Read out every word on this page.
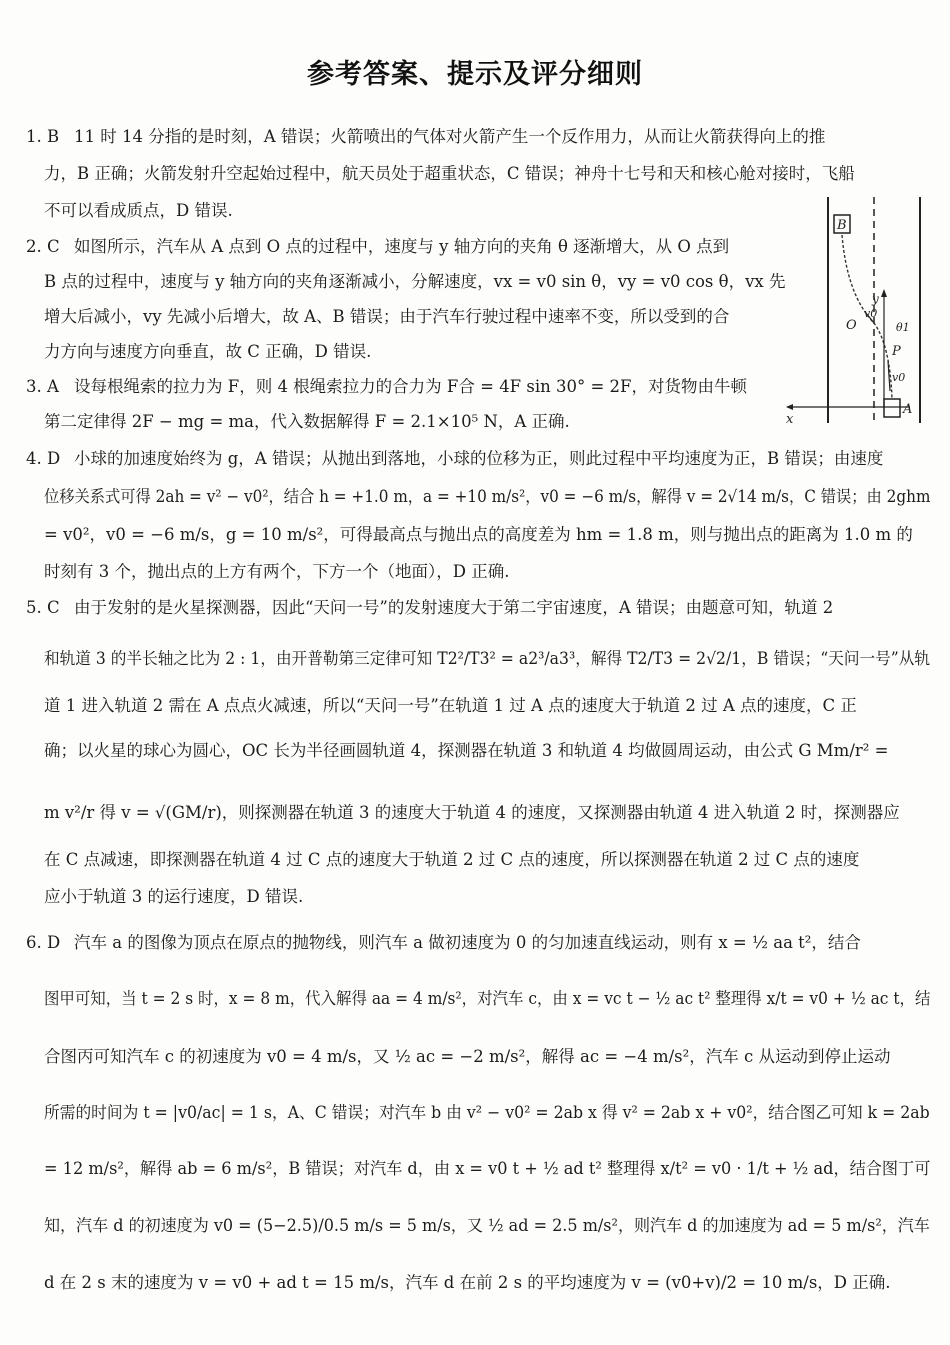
参考答案、提示及评分细则
1. B 11 时 14 分指的是时刻，A 错误；火箭喷出的气体对火箭产生一个反作用力，从而让火箭获得向上的推
力，B 正确；火箭发射升空起始过程中，航天员处于超重状态，C 错误；神舟十七号和天和核心舱对接时，飞船
不可以看成质点，D 错误.
2. C 如图所示，汽车从 A 点到 O 点的过程中，速度与 y 轴方向的夹角 θ 逐渐增大，从 O 点到
B 点的过程中，速度与 y 轴方向的夹角逐渐减小，分解速度，vx = v0 sin θ，vy = v0 cos θ，vx 先
增大后减小，vy 先减小后增大，故 A、B 错误；由于汽车行驶过程中速率不变，所以受到的合
力方向与速度方向垂直，故 C 正确，D 错误.
3. A 设每根绳索的拉力为 F，则 4 根绳索拉力的合力为 F合 = 4F sin 30° = 2F，对货物由牛顿
第二定律得 2F − mg = ma，代入数据解得 F = 2.1×10⁵ N，A 正确.
4. D 小球的加速度始终为 g，A 错误；从抛出到落地，小球的位移为正，则此过程中平均速度为正，B 错误；由速度
位移关系式可得 2ah = v² − v0²，结合 h = +1.0 m，a = +10 m/s²，v0 = −6 m/s，解得 v = 2√14 m/s，C 错误；由 2ghm
= v0²，v0 = −6 m/s，g = 10 m/s²，可得最高点与抛出点的高度差为 hm = 1.8 m，则与抛出点的距离为 1.0 m 的
时刻有 3 个，抛出点的上方有两个，下方一个（地面），D 正确.
5. C 由于发射的是火星探测器，因此“天问一号”的发射速度大于第二宇宙速度，A 错误；由题意可知，轨道 2
和轨道 3 的半长轴之比为 2 : 1，由开普勒第三定律可知 T2²/T3² = a2³/a3³，解得 T2/T3 = 2√2/1，B 错误；“天问一号”从轨
道 1 进入轨道 2 需在 A 点点火减速，所以“天问一号”在轨道 1 过 A 点的速度大于轨道 2 过 A 点的速度，C 正
确；以火星的球心为圆心，OC 长为半径画圆轨道 4，探测器在轨道 3 和轨道 4 均做圆周运动，由公式 G Mm/r² =
m v²/r 得 v = √(GM/r)，则探测器在轨道 3 的速度大于轨道 4 的速度，又探测器由轨道 4 进入轨道 2 时，探测器应
在 C 点减速，即探测器在轨道 4 过 C 点的速度大于轨道 2 过 C 点的速度，所以探测器在轨道 2 过 C 点的速度
应小于轨道 3 的运行速度，D 错误.
6. D 汽车 a 的图像为顶点在原点的抛物线，则汽车 a 做初速度为 0 的匀加速直线运动，则有 x = ½ aa t²，结合
图甲可知，当 t = 2 s 时，x = 8 m，代入解得 aa = 4 m/s²，对汽车 c，由 x = vc t − ½ ac t² 整理得 x/t = v0 + ½ ac t，结
合图丙可知汽车 c 的初速度为 v0 = 4 m/s，又 ½ ac = −2 m/s²，解得 ac = −4 m/s²，汽车 c 从运动到停止运动
所需的时间为 t = |v0/ac| = 1 s，A、C 错误；对汽车 b 由 v² − v0² = 2ab x 得 v² = 2ab x + v0²，结合图乙可知 k = 2ab
= 12 m/s²，解得 ab = 6 m/s²，B 错误；对汽车 d，由 x = v0 t + ½ ad t² 整理得 x/t² = v0 · 1/t + ½ ad，结合图丁可
知，汽车 d 的初速度为 v0 = (5−2.5)/0.5 m/s = 5 m/s，又 ½ ad = 2.5 m/s²，则汽车 d 的加速度为 ad = 5 m/s²，汽车
d 在 2 s 末的速度为 v = v0 + ad t = 15 m/s，汽车 d 在前 2 s 的平均速度为 v = (v0+v)/2 = 10 m/s，D 正确.
B
A
x
y
O
v0
θ1
P
v0
